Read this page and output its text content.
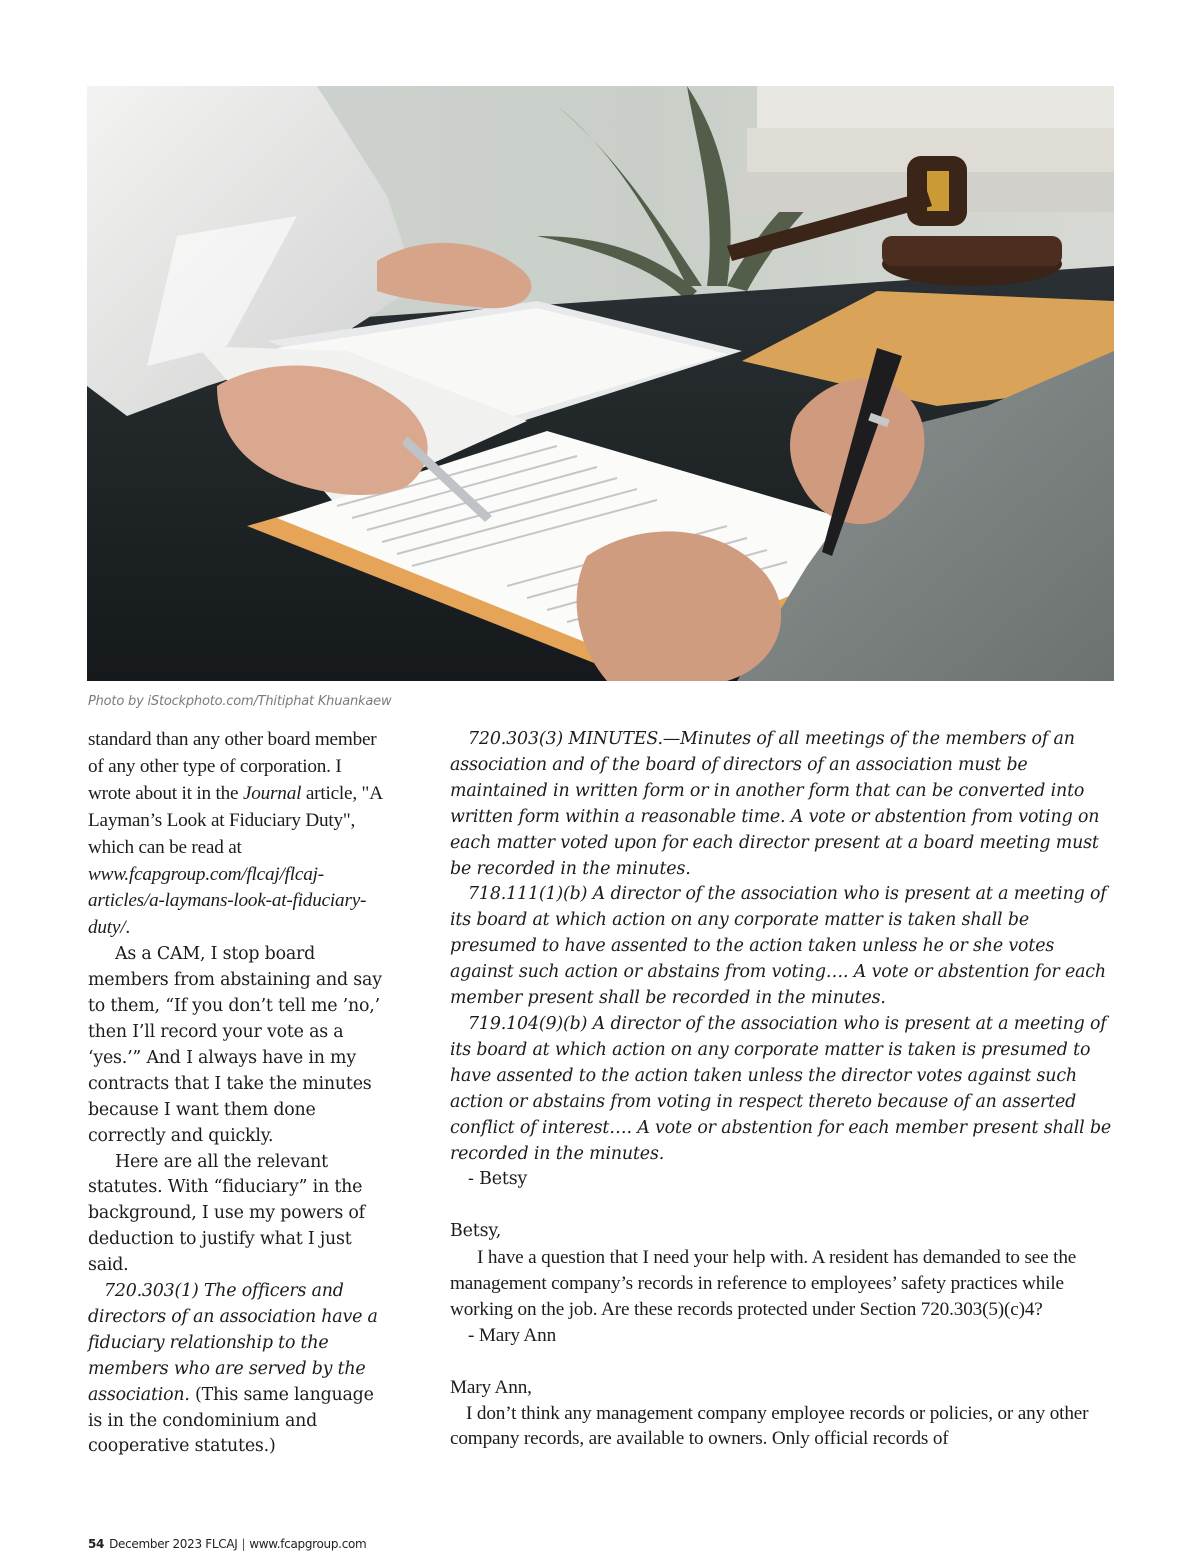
Photo by iStockphoto.com/Thitiphat Khuankaew

standard than any other board member of any other type of corporation. I wrote about it in the Journal article, "A Layman’s Look at Fiduciary Duty", which can be read at www.fcapgroup.com/flcaj/flcaj-articles/a-laymans-look-at-fiduciary-duty/.

As a CAM, I stop board members from abstaining and say to them, “If you don’t tell me ’no,’ then I’ll record your vote as a ‘yes.’” And I always have in my contracts that I take the minutes because I want them done correctly and quickly.

Here are all the relevant statutes. With “fiduciary” in the background, I use my powers of deduction to justify what I just said.

720.303(1) The officers and directors of an association have a fiduciary relationship to the members who are served by the association. (This same language is in the condominium and cooperative statutes.)

720.303(3) MINUTES.—Minutes of all meetings of the members of an association and of the board of directors of an association must be maintained in written form or in another form that can be converted into written form within a reasonable time. A vote or abstention from voting on each matter voted upon for each director present at a board meeting must be recorded in the minutes.

718.111(1)(b) A director of the association who is present at a meeting of its board at which action on any corporate matter is taken shall be presumed to have assented to the action taken unless he or she votes against such action or abstains from voting…. A vote or abstention for each member present shall be recorded in the minutes.

719.104(9)(b) A director of the association who is present at a meeting of its board at which action on any corporate matter is taken is presumed to have assented to the action taken unless the director votes against such action or abstains from voting in respect thereto because of an asserted conflict of interest…. A vote or abstention for each member present shall be recorded in the minutes.

- Betsy

Betsy,

I have a question that I need your help with. A resident has demanded to see the management company’s records in reference to employees’ safety practices while working on the job. Are these records protected under Section 720.303(5)(c)4?

- Mary Ann

Mary Ann,

I don’t think any management company employee records or policies, or any other company records, are available to owners. Only official records of

54 December 2023 FLCAJ | www.fcapgroup.com
